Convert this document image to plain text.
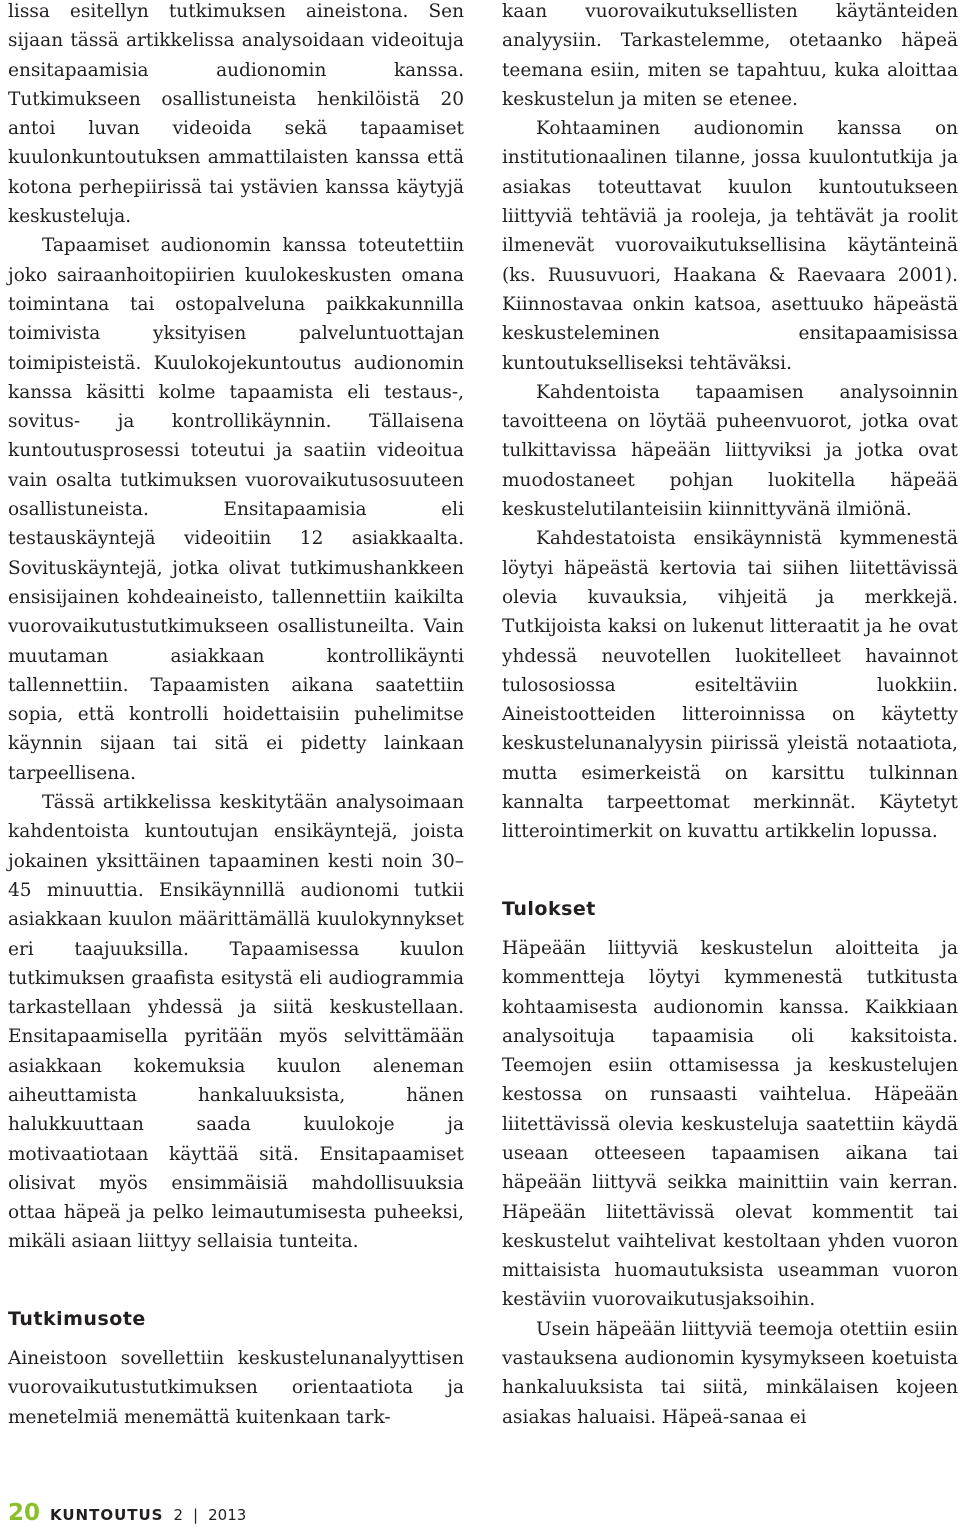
lissa esitellyn tutkimuksen aineistona. Sen sijaan tässä artikkelissa analysoidaan videoituja ensitapaamisia audionomin kanssa. Tutkimukseen osallistuneista henkilöistä 20 antoi luvan videoida sekä tapaamiset kuulonkuntoutuksen ammattilaisten kanssa että kotona perhepiirissä tai ystävien kanssa käytyjä keskusteluja.

Tapaamiset audionomin kanssa toteutettiin joko sairaanhoitopiirien kuulokeskusten omana toimintana tai ostopalveluna paikkakunnilla toimivista yksityisen palveluntuottajan toimipisteistä. Kuulokojekuntoutus audionomin kanssa käsitti kolme tapaamista eli testaus-, sovitus- ja kontrollikäynnin. Tällaisena kuntoutusprosessi toteutui ja saatiin videoitua vain osalta tutkimuksen vuorovaikutusosuuteen osallistuneista. Ensitapaamisia eli testauskäyntejä videoitiin 12 asiakkaalta. Sovituskäyntejä, jotka olivat tutkimushankkeen ensisijainen kohdeaineisto, tallennettiin kaikilta vuorovaikutustutkimukseen osallistuneilta. Vain muutaman asiakkaan kontrollikäynti tallennettiin. Tapaamisten aikana saatettiin sopia, että kontrolli hoidettaisiin puhelimitse käynnin sijaan tai sitä ei pidetty lainkaan tarpeellisena.

Tässä artikkelissa keskitytään analysoimaan kahdentoista kuntoutujan ensikäyntejä, joista jokainen yksittäinen tapaaminen kesti noin 30–45 minuuttia. Ensikäynnillä audionomi tutkii asiakkaan kuulon määrittämällä kuulokynnykset eri taajuuksilla. Tapaamisessa kuulon tutkimuksen graafista esitystä eli audiogrammia tarkastellaan yhdessä ja siitä keskustellaan. Ensitapaamisella pyritään myös selvittämään asiakkaan kokemuksia kuulon aleneman aiheuttamista hankaluuksista, hänen halukkuuttaan saada kuulokoje ja motivaatiotaan käyttää sitä. Ensitapaamiset olisivat myös ensimmäisiä mahdollisuuksia ottaa häpeä ja pelko leimautumisesta puheeksi, mikäli asiaan liittyy sellaisia tunteita.

Tutkimusote

Aineistoon sovellettiin keskustelunanalyyttisen vuorovaikutustutkimuksen orientaatiota ja menetelmiä menemättä kuitenkaan tark-

kaan vuorovaikutuksellisten käytänteiden analyysiin. Tarkastelemme, otetaanko häpeä teemana esiin, miten se tapahtuu, kuka aloittaa keskustelun ja miten se etenee.

Kohtaaminen audionomin kanssa on institutionaalinen tilanne, jossa kuulontutkija ja asiakas toteuttavat kuulon kuntoutukseen liittyviä tehtäviä ja rooleja, ja tehtävät ja roolit ilmenevät vuorovaikutuksellisina käytänteinä (ks. Ruusuvuori, Haakana & Raevaara 2001). Kiinnostavaa onkin katsoa, asettuuko häpeästä keskusteleminen ensitapaamisissa kuntoutukselliseksi tehtäväksi.

Kahdentoista tapaamisen analysoinnin tavoitteena on löytää puheenvuorot, jotka ovat tulkittavissa häpeään liittyviksi ja jotka ovat muodostaneet pohjan luokitella häpeää keskustelutilanteisiin kiinnittyvänä ilmiönä.

Kahdestatoista ensikäynnistä kymmenestä löytyi häpeästä kertovia tai siihen liitettävissä olevia kuvauksia, vihjeitä ja merkkejä. Tutkijoista kaksi on lukenut litteraatit ja he ovat yhdessä neuvotellen luokitelleet havainnot tulososiossa esiteltäviin luokkiin. Aineistootteiden litteroinnissa on käytetty keskustelunanalyysin piirissä yleistä notaatiota, mutta esimerkeistä on karsittu tulkinnan kannalta tarpeettomat merkinnät. Käytetyt litterointimerkit on kuvattu artikkelin lopussa.

Tulokset

Häpeään liittyviä keskustelun aloitteita ja kommentteja löytyi kymmenestä tutkitusta kohtaamisesta audionomin kanssa. Kaikkiaan analysoituja tapaamisia oli kaksitoista. Teemojen esiin ottamisessa ja keskustelujen kestossa on runsaasti vaihtelua. Häpeään liitettävissä olevia keskusteluja saatettiin käydä useaan otteeseen tapaamisen aikana tai häpeään liittyvä seikka mainittiin vain kerran. Häpeään liitettävissä olevat kommentit tai keskustelut vaihtelivat kestoltaan yhden vuoron mittaisista huomautuksista useamman vuoron kestäviin vuorovaikutusjaksoihin.

Usein häpeään liittyviä teemoja otettiin esiin vastauksena audionomin kysymykseen koetuista hankaluuksista tai siitä, minkälaisen kojeen asiakas haluaisi. Häpeä-sanaa ei

20 KUNTOUTUS 2 | 2013
